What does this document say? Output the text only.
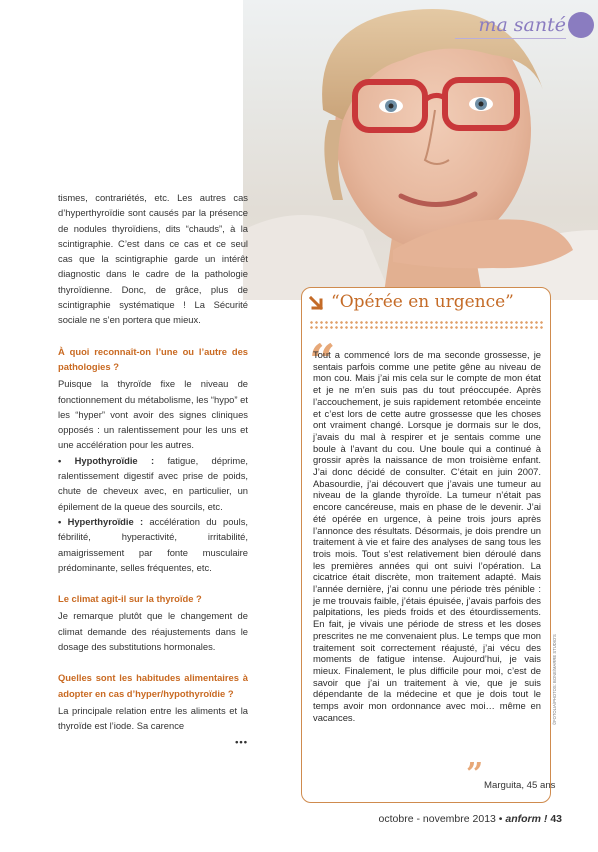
ma santé

tismes, contrariétés, etc. Les autres cas d’hyperthyroïdie sont causés par la présence de nodules thyroïdiens, dits “chauds”, à la scintigraphie. C’est dans ce cas et ce seul cas que la scintigraphie garde un intérêt diagnostic dans le cadre de la pathologie thyroïdienne. Donc, de grâce, plus de scintigraphie systématique ! La Sécurité sociale ne s’en portera que mieux.

À quoi reconnaît-on l’une ou l’autre des pathologies ?

Puisque la thyroïde fixe le niveau de fonctionnement du métabolisme, les “hypo” et les “hyper” vont avoir des signes cliniques opposés : un ralentissement pour les uns et une accélération pour les autres.

• Hypothyroïdie : fatigue, déprime, ralentissement digestif avec prise de poids, chute de cheveux avec, en particulier, un épilement de la queue des sourcils, etc.

• Hyperthyroïdie : accélération du pouls, fébrilité, hyperactivité, irritabilité, amaigrissement par fonte musculaire prédominante, selles fréquentes, etc.

Le climat agit-il sur la thyroïde ?

Je remarque plutôt que le changement de climat demande des réajustements dans le dosage des substitutions hormonales.

Quelles sont les habitudes alimentaires à adopter en cas d’hyper/hypothyroïdie ?

La principale relation entre les aliments et la thyroïde est l’iode. Sa carence

•••

“Opérée en urgence”
“
Tout a commencé lors de ma seconde grossesse, je sentais parfois comme une petite gêne au niveau de mon cou. Mais j’ai mis cela sur le compte de mon état et je ne m’en suis pas du tout préoccupée. Après l’accouchement, je suis rapidement retombée enceinte et c’est lors de cette autre grossesse que les choses ont vraiment changé. Lorsque je dormais sur le dos, j’avais du mal à respirer et je sentais comme une boule à l’avant du cou. Une boule qui a continué à grossir après la naissance de mon troisième enfant. J’ai donc décidé de consulter. C’était en juin 2007. Abasourdie, j’ai découvert que j’avais une tumeur au niveau de la glande thyroïde. La tumeur n’était pas encore cancéreuse, mais en phase de le devenir. J’ai été opérée en urgence, à peine trois jours après l’annonce des résultats. Désormais, je dois prendre un traitement à vie et faire des analyses de sang tous les trois mois. Tout s’est relativement bien déroulé dans les premières années qui ont suivi l’opération. La cicatrice était discrète, mon traitement adapté. Mais l’année dernière, j’ai connu une période très pénible : je me trouvais faible, j’étais épuisée, j’avais parfois des palpitations, les pieds froids et des étourdissements. En fait, je vivais une période de stress et les doses prescrites ne me convenaient plus. Le temps que mon traitement soit correctement réajusté, j’ai vécu des moments de fatigue intense. Aujourd’hui, je vais mieux. Finalement, le plus difficile pour moi, c’est de savoir que j’ai un traitement à vie, que je suis dépendante de la médecine et que je dois tout le temps avoir mon ordonnance avec moi… même en vacances.
” Marguita, 45 ans
©FOTOLIA/PHOTOS: BONE/MARRE STUDIO'S
octobre - novembre 2013 • anform ! 43
